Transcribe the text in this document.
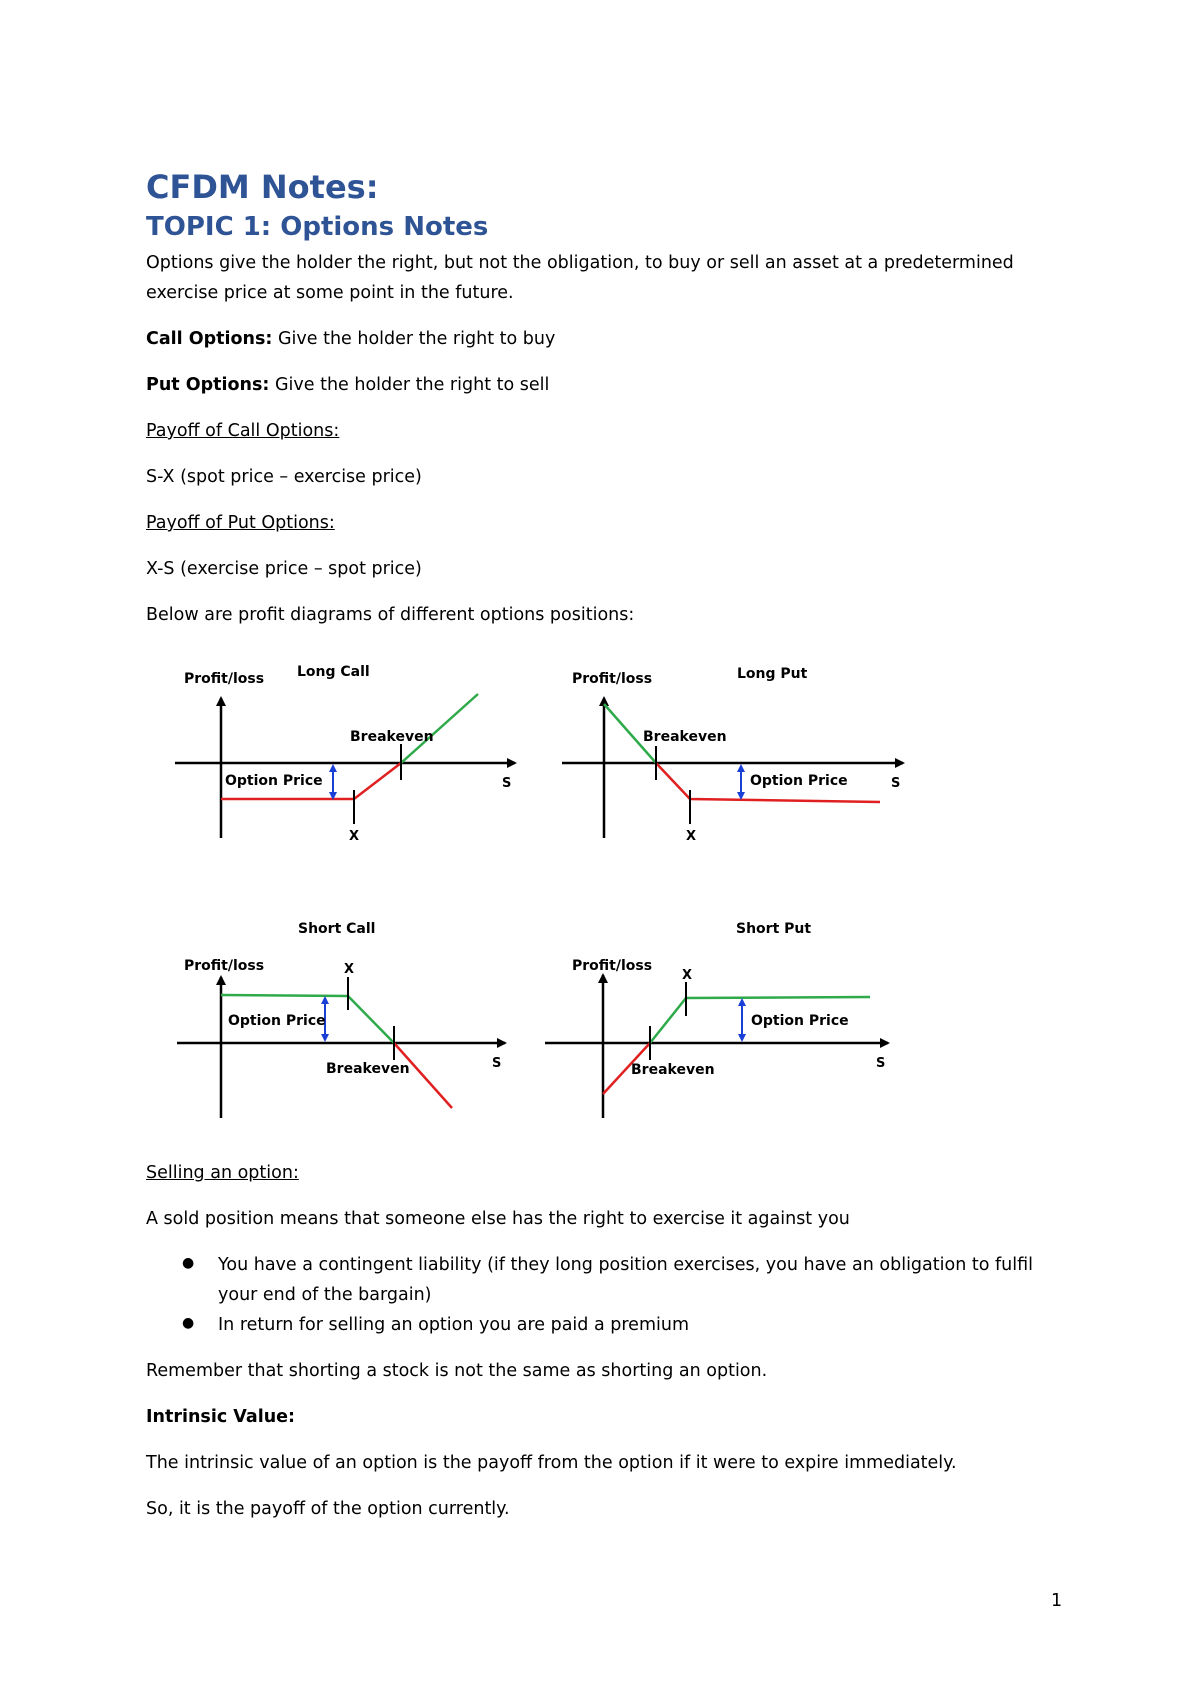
CFDM Notes:
TOPIC 1: Options Notes
Options give the holder the right, but not the obligation, to buy or sell an asset at a predetermined
exercise price at some point in the future.
Call Options: Give the holder the right to buy
Put Options: Give the holder the right to sell
Payoff of Call Options:
S-X (spot price – exercise price)
Payoff of Put Options:
X-S (exercise price – spot price)
Below are profit diagrams of different options positions:
Profit/loss Long Call
Breakeven
Option Price	S
X
Profit/loss	Long Put
Breakeven
Option Price	S
X
Short Call
Profit/loss	X
Option Price
Breakeven	S
Short Put
Profit/loss
X
Option Price
Breakeven	S
Selling an option:
A sold position means that someone else has the right to exercise it against you
● You have a contingent liability (if they long position exercises, you have an obligation to fulfil
your end of the bargain)
● In return for selling an option you are paid a premium
Remember that shorting a stock is not the same as shorting an option.
Intrinsic Value:
The intrinsic value of an option is the payoff from the option if it were to expire immediately.
So, it is the payoff of the option currently.
1
